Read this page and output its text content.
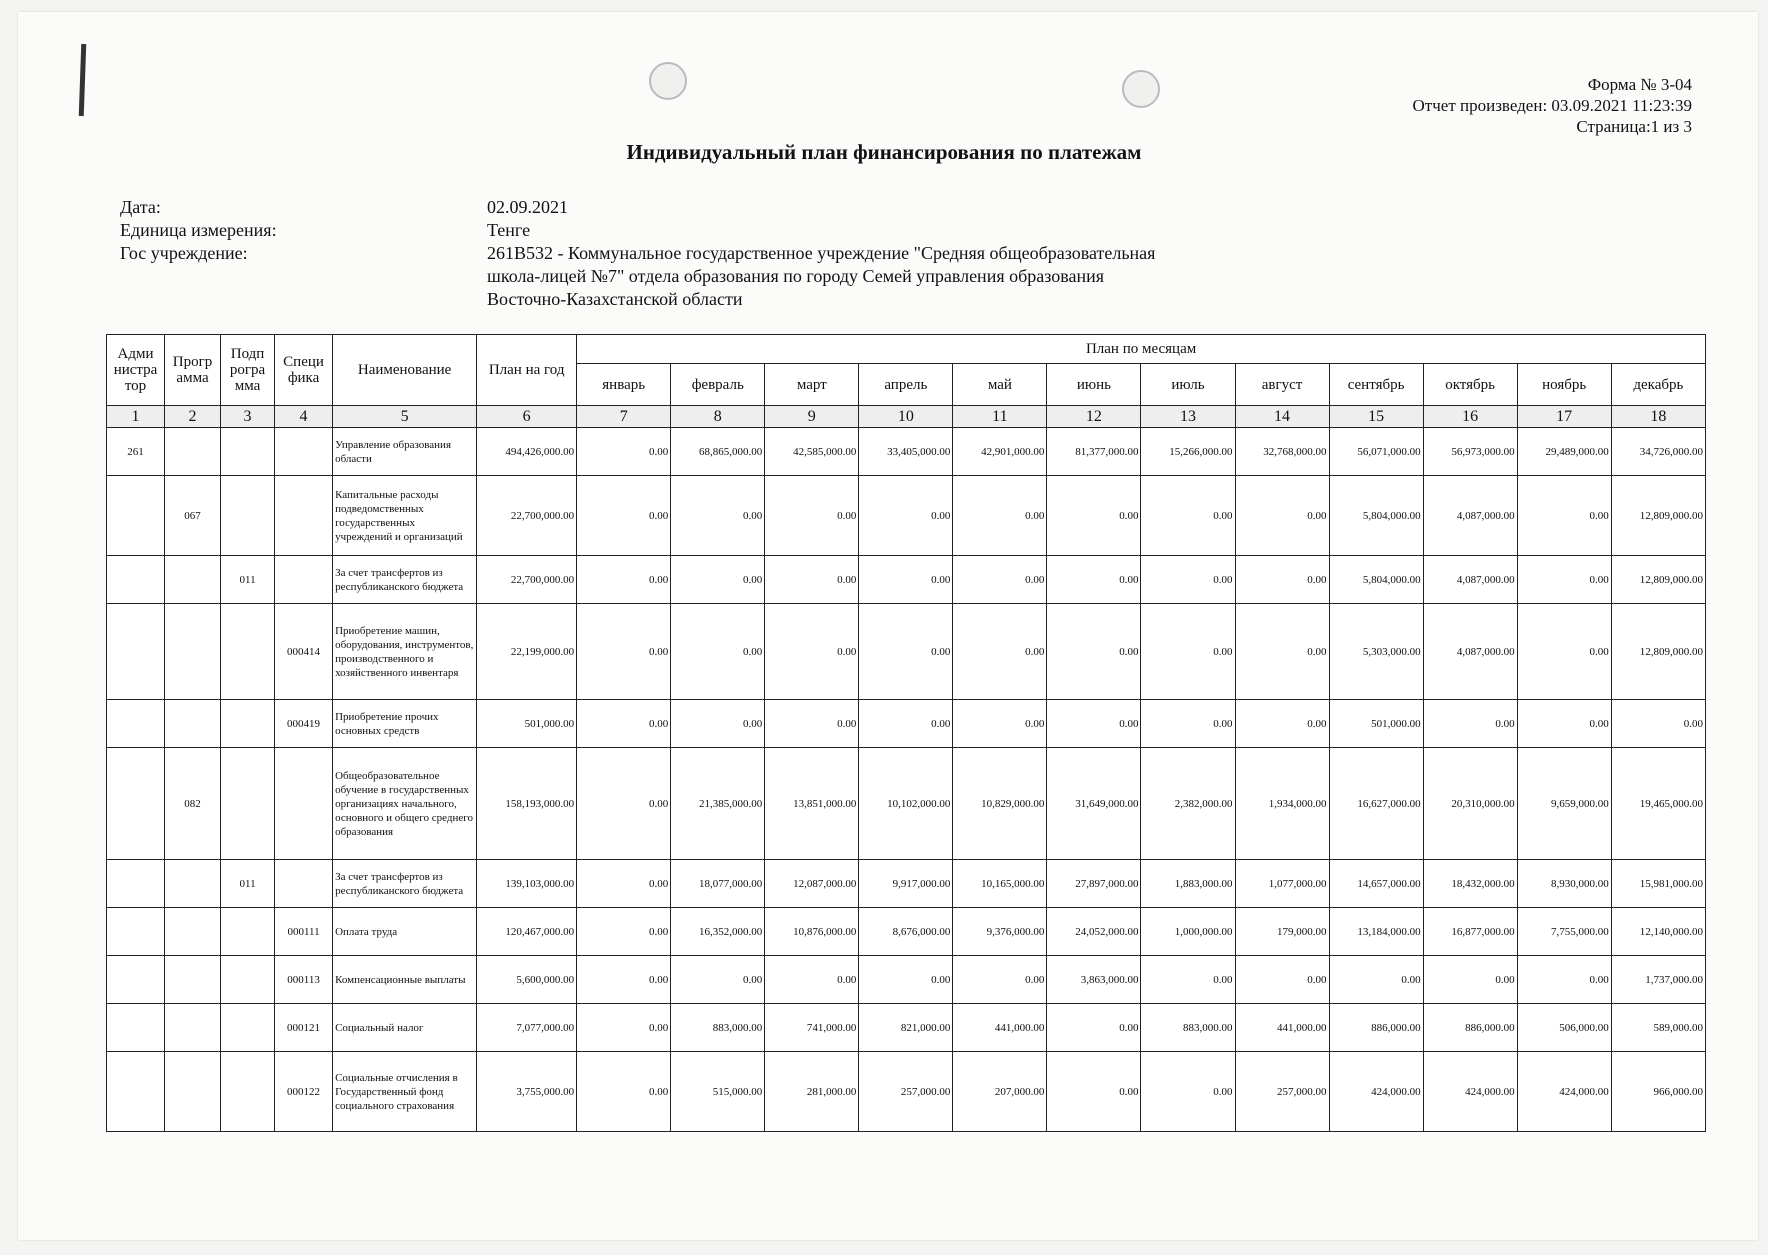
Форма № 3-04
Отчет произведен: 03.09.2021 11:23:39
Страница:1 из 3
Индивидуальный план финансирования по платежам
Дата:	02.09.2021
Единица измерения:	Тенге
Гос учреждение:	261B532 - Коммунальное государственное учреждение "Средняя общеобразовательная школа-лицей №7" отдела образования по городу Семей управления образования Восточно-Казахстанской области
Адми нистра тор	Прогр амма	Подп рогра мма	Специ фика	Наименование	План на год	План по месяцам											
						январь	февраль	март	апрель	май	июнь	июль	август	сентябрь	октябрь	ноябрь	декабрь
1	2	3	4	5	6	7	8	9	10	11	12	13	14	15	16	17	18
261				Управление образования области	494,426,000.00	0.00	68,865,000.00	42,585,000.00	33,405,000.00	42,901,000.00	81,377,000.00	15,266,000.00	32,768,000.00	56,071,000.00	56,973,000.00	29,489,000.00	34,726,000.00
	067			Капитальные расходы подведомственных государственных учреждений и организаций	22,700,000.00	0.00	0.00	0.00	0.00	0.00	0.00	0.00	0.00	5,804,000.00	4,087,000.00	0.00	12,809,000.00
		011		За счет трансфертов из республиканского бюджета	22,700,000.00	0.00	0.00	0.00	0.00	0.00	0.00	0.00	0.00	5,804,000.00	4,087,000.00	0.00	12,809,000.00
			000414	Приобретение машин, оборудования, инструментов, производственного и хозяйственного инвентаря	22,199,000.00	0.00	0.00	0.00	0.00	0.00	0.00	0.00	0.00	5,303,000.00	4,087,000.00	0.00	12,809,000.00
			000419	Приобретение прочих основных средств	501,000.00	0.00	0.00	0.00	0.00	0.00	0.00	0.00	0.00	501,000.00	0.00	0.00	0.00
	082			Общеобразовательное обучение в государственных организациях начального, основного и общего среднего образования	158,193,000.00	0.00	21,385,000.00	13,851,000.00	10,102,000.00	10,829,000.00	31,649,000.00	2,382,000.00	1,934,000.00	16,627,000.00	20,310,000.00	9,659,000.00	19,465,000.00
		011		За счет трансфертов из республиканского бюджета	139,103,000.00	0.00	18,077,000.00	12,087,000.00	9,917,000.00	10,165,000.00	27,897,000.00	1,883,000.00	1,077,000.00	14,657,000.00	18,432,000.00	8,930,000.00	15,981,000.00
			000111	Оплата труда	120,467,000.00	0.00	16,352,000.00	10,876,000.00	8,676,000.00	9,376,000.00	24,052,000.00	1,000,000.00	179,000.00	13,184,000.00	16,877,000.00	7,755,000.00	12,140,000.00
			000113	Компенсационные выплаты	5,600,000.00	0.00	0.00	0.00	0.00	0.00	3,863,000.00	0.00	0.00	0.00	0.00	0.00	1,737,000.00
			000121	Социальный налог	7,077,000.00	0.00	883,000.00	741,000.00	821,000.00	441,000.00	0.00	883,000.00	441,000.00	886,000.00	886,000.00	506,000.00	589,000.00
			000122	Социальные отчисления в Государственный фонд социального страхования	3,755,000.00	0.00	515,000.00	281,000.00	257,000.00	207,000.00	0.00	0.00	257,000.00	424,000.00	424,000.00	424,000.00	966,000.00
